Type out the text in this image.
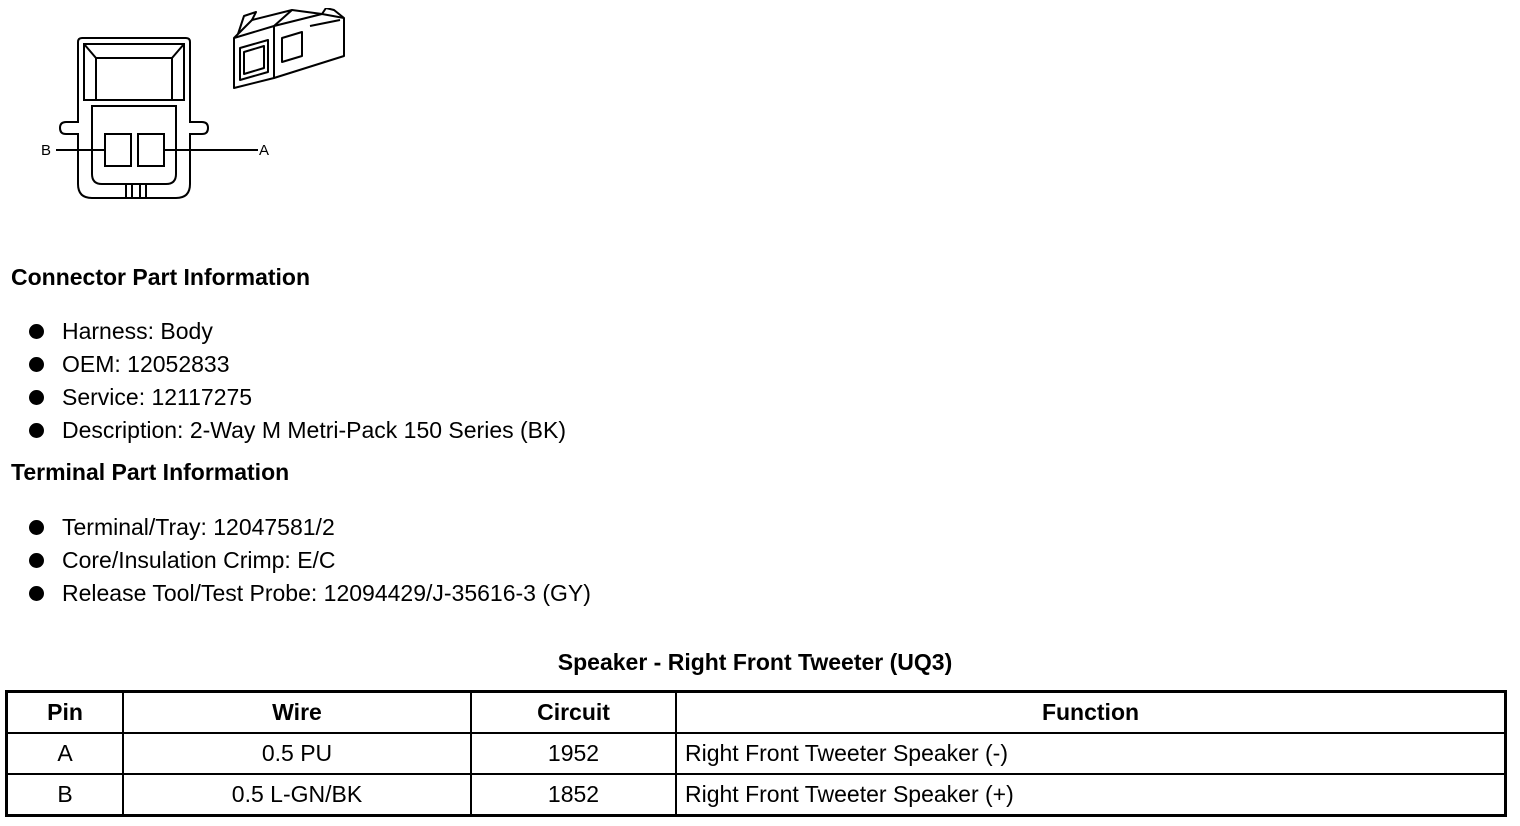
B	A
Connector Part Information
Harness: Body
OEM: 12052833
Service: 12117275
Description: 2-Way M Metri-Pack 150 Series (BK)
Terminal Part Information
Terminal/Tray: 12047581/2
Core/Insulation Crimp: E/C
Release Tool/Test Probe: 12094429/J-35616-3 (GY)
Speaker - Right Front Tweeter (UQ3)
Pin	Wire	Circuit	Function
A	0.5 PU	1952	Right Front Tweeter Speaker (-)
B	0.5 L-GN/BK	1852	Right Front Tweeter Speaker (+)
